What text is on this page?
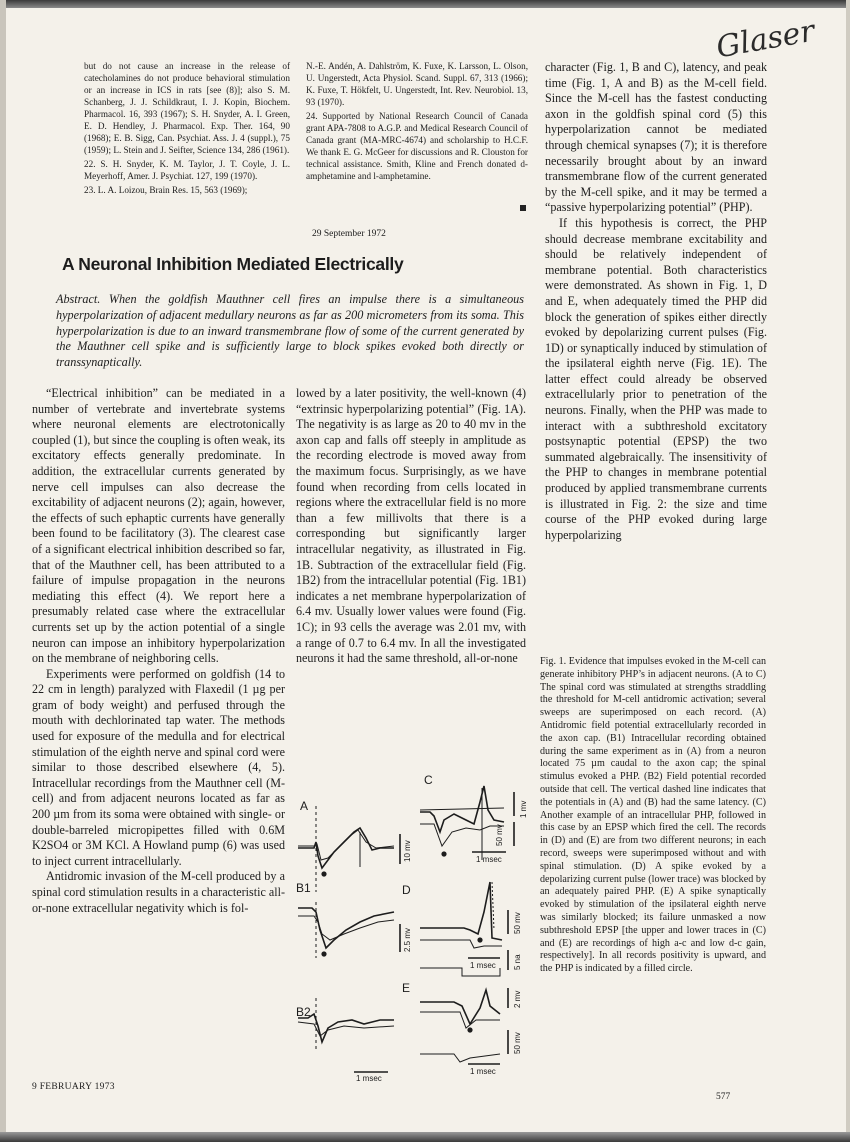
Glaser

but do not cause an increase in the release of catecholamines do not produce behavioral stimulation or an increase in ICS in rats [see (8)]; also S. M. Schanberg, J. J. Schildkraut, I. J. Kopin, Biochem. Pharmacol. 16, 393 (1967); S. H. Snyder, A. I. Green, E. D. Hendley, J. Pharmacol. Exp. Ther. 164, 90 (1968); E. B. Sigg, Can. Psychiat. Ass. J. 4 (suppl.), 75 (1959); L. Stein and J. Seifter, Science 134, 286 (1961).

22. S. H. Snyder, K. M. Taylor, J. T. Coyle, J. L. Meyerhoff, Amer. J. Psychiat. 127, 199 (1970).

23. L. A. Loizou, Brain Res. 15, 563 (1969);

N.-E. Andén, A. Dahlström, K. Fuxe, K. Larsson, L. Olson, U. Ungerstedt, Acta Physiol. Scand. Suppl. 67, 313 (1966); K. Fuxe, T. Hökfelt, U. Ungerstedt, Int. Rev. Neurobiol. 13, 93 (1970).

24. Supported by National Research Council of Canada grant APA-7808 to A.G.P. and Medical Research Council of Canada grant (MA-MRC-4674) and scholarship to H.C.F. We thank E. G. McGeer for discussions and R. Clouston for technical assistance. Smith, Kline and French donated d-amphetamine and l-amphetamine.

29 September 1972
A Neuronal Inhibition Mediated Electrically
Abstract. When the goldfish Mauthner cell fires an impulse there is a simultaneous hyperpolarization of adjacent medullary neurons as far as 200 micrometers from its soma. This hyperpolarization is due to an inward transmembrane flow of some of the current generated by the Mauthner cell spike and is sufficiently large to block spikes evoked both directly or transsynaptically.

“Electrical inhibition” can be mediated in a number of vertebrate and invertebrate systems where neuronal elements are electrotonically coupled (1), but since the coupling is often weak, its excitatory effects generally predominate. In addition, the extracellular currents generated by nerve cell impulses can also decrease the excitability of adjacent neurons (2); again, however, the effects of such ephaptic currents have generally been found to be facilitatory (3). The clearest case of a significant electrical inhibition described so far, that of the Mauthner cell, has been attributed to a failure of impulse propagation in the neurons mediating this effect (4). We report here a presumably related case where the extracellular currents set up by the action potential of a single neuron can impose an inhibitory hyperpolarization on the membrane of neighboring cells.

Experiments were performed on goldfish (14 to 22 cm in length) paralyzed with Flaxedil (1 µg per gram of body weight) and perfused through the mouth with dechlorinated tap water. The methods used for exposure of the medulla and for electrical stimulation of the eighth nerve and spinal cord were similar to those described elsewhere (4, 5). Intracellular recordings from the Mauthner cell (M-cell) and from adjacent neurons located as far as 200 µm from its soma were obtained with single- or double-barreled micropipettes filled with 0.6M K2SO4 or 3M KCl. A Howland pump (6) was used to inject current intracellularly.

Antidromic invasion of the M-cell produced by a spinal cord stimulation results in a characteristic all-or-none extracellular negativity which is fol-

lowed by a later positivity, the well-known (4) “extrinsic hyperpolarizing potential” (Fig. 1A). The negativity is as large as 20 to 40 mv in the axon cap and falls off steeply in amplitude as the recording electrode is moved away from the maximum focus. Surprisingly, as we have found when recording from cells located in regions where the extracellular field is no more than a few millivolts that there is a corresponding but significantly larger intracellular negativity, as illustrated in Fig. 1B. Subtraction of the extracellular field (Fig. 1B2) from the intracellular potential (Fig. 1B1) indicates a net membrane hyperpolarization of 6.4 mv. Usually lower values were found (Fig. 1C); in 93 cells the average was 2.01 mv, with a range of 0.7 to 6.4 mv. In all the investigated neurons it had the same threshold, all-or-none

character (Fig. 1, B and C), latency, and peak time (Fig. 1, A and B) as the M-cell field. Since the M-cell has the fastest conducting axon in the goldfish spinal cord (5) this hyperpolarization cannot be mediated through chemical synapses (7); it is therefore necessarily brought about by an inward transmembrane flow of the current generated by the M-cell spike, and it may be termed a “passive hyperpolarizing potential” (PHP).

If this hypothesis is correct, the PHP should decrease membrane excitability and should be relatively independent of membrane potential. Both characteristics were demonstrated. As shown in Fig. 1, D and E, when adequately timed the PHP did block the generation of spikes either directly evoked by depolarizing current pulses (Fig. 1D) or synaptically induced by stimulation of the ipsilateral eighth nerve (Fig. 1E). The latter effect could already be observed extracellularly prior to penetration of the neurons. Finally, when the PHP was made to interact with a subthreshold excitatory postsynaptic potential (EPSP) the two summated algebraically. The insensitivity of the PHP to changes in membrane potential produced by applied transmembrane currents is illustrated in Fig. 2: the size and time course of the PHP evoked during large hyperpolarizing

Fig. 1. Evidence that impulses evoked in the M-cell can generate inhibitory PHP’s in adjacent neurons. (A to C) The spinal cord was stimulated at strengths straddling the threshold for M-cell antidromic activation; several sweeps are superimposed on each record. (A) Antidromic field potential extracellularly recorded in the axon cap. (B1) Intracellular recording obtained during the same experiment as in (A) from a neuron located 75 µm caudal to the axon cap; the spinal stimulus evoked a PHP. (B2) Field potential recorded outside that cell. The vertical dashed line indicates that the potentials in (A) and (B) had the same latency. (C) Another example of an intracellular PHP, followed in this case by an EPSP which fired the cell. The records in (D) and (E) are from two different neurons; in each record, sweeps were superimposed without and with spinal stimulation. (D) A spike evoked by a depolarizing current pulse (lower trace) was blocked by an adequately paired PHP. (E) A spike synaptically evoked by stimulation of the ipsilateral eighth nerve was similarly blocked; its failure unmasked a now subthreshold EPSP [the upper and lower traces in (C) and (E) are recordings of high a-c and low d-c gain, respectively]. In all records positivity is upward, and the PHP is indicated by a filled circle.
A
C
B1	D
B2
E
10 mv
2.5 mv
50 mv
1 mv
50 mv
5 na
2 mv
50 mv
1 msec
1 msec
1 msec
1 msec
9 FEBRUARY 1973
577
